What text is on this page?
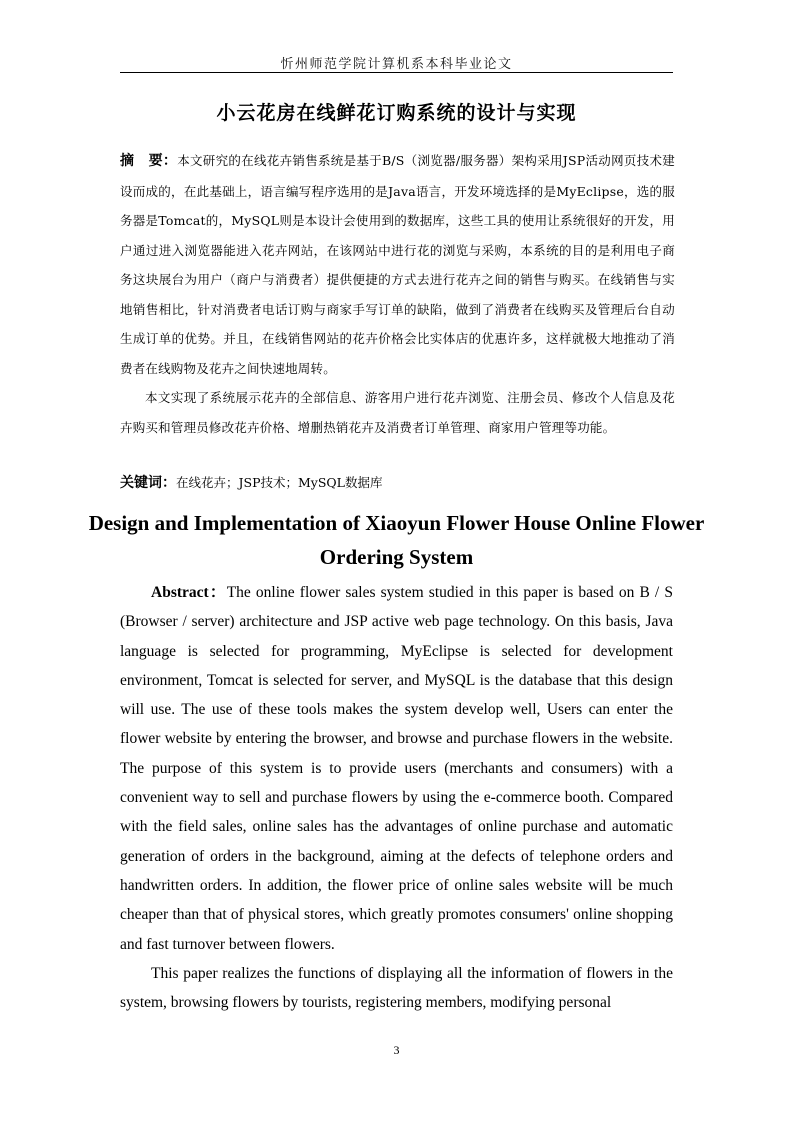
忻州师范学院计算机系本科毕业论文
小云花房在线鲜花订购系统的设计与实现
摘　要：本文研究的在线花卉销售系统是基于B/S（浏览器/服务器）架构采用JSP活动网页技术建设而成的，在此基础上，语言编写程序选用的是Java语言，开发环境选择的是MyEclipse，选的服务器是Tomcat的，MySQL则是本设计会使用到的数据库，这些工具的使用让系统很好的开发，用户通过进入浏览器能进入花卉网站，在该网站中进行花的浏览与采购，本系统的目的是利用电子商务这块展台为用户（商户与消费者）提供便捷的方式去进行花卉之间的销售与购买。在线销售与实地销售相比，针对消费者电话订购与商家手写订单的缺陷，做到了消费者在线购买及管理后台自动生成订单的优势。并且，在线销售网站的花卉价格会比实体店的优惠许多，这样就极大地推动了消费者在线购物及花卉之间快速地周转。
本文实现了系统展示花卉的全部信息、游客用户进行花卉浏览、注册会员、修改个人信息及花卉购买和管理员修改花卉价格、增删热销花卉及消费者订单管理、商家用户管理等功能。
关键词：在线花卉；JSP技术；MySQL数据库
Design and Implementation of Xiaoyun Flower House Online Flower Ordering System

Abstract：The online flower sales system studied in this paper is based on B / S (Browser / server) architecture and JSP active web page technology. On this basis, Java language is selected for programming, MyEclipse is selected for development environment, Tomcat is selected for server, and MySQL is the database that this design will use. The use of these tools makes the system develop well, Users can enter the flower website by entering the browser, and browse and purchase flowers in the website. The purpose of this system is to provide users (merchants and consumers) with a convenient way to sell and purchase flowers by using the e-commerce booth. Compared with the field sales, online sales has the advantages of online purchase and automatic generation of orders in the background, aiming at the defects of telephone orders and handwritten orders. In addition, the flower price of online sales website will be much cheaper than that of physical stores, which greatly promotes consumers' online shopping and fast turnover between flowers.

This paper realizes the functions of displaying all the information of flowers in the system, browsing flowers by tourists, registering members, modifying personal

3
